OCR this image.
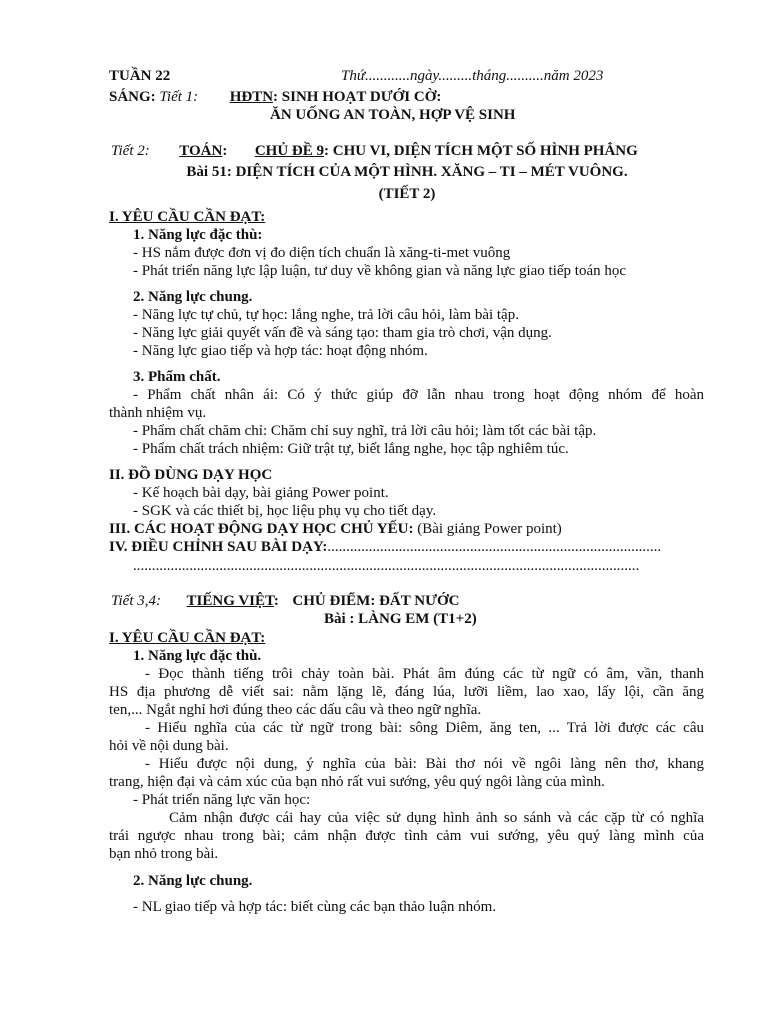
TUẦN 22	Thứ............ngày.........tháng..........năm 2023
SÁNG: Tiết 1: HĐTN: SINH HOẠT DƯỚI CỜ:
ĂN UỐNG AN TOÀN, HỢP VỆ SINH
Tiết 2: TOÁN: CHỦ ĐỀ 9: CHU VI, DIỆN TÍCH MỘT SỐ HÌNH PHẲNG
Bài 51: DIỆN TÍCH CỦA MỘT HÌNH. XĂNG – TI – MÉT VUÔNG.
(TIẾT 2)
I. YÊU CẦU CẦN ĐẠT:
1. Năng lực đặc thù:
- HS nắm được đơn vị đo diện tích chuẩn là xăng-ti-met vuông
- Phát triển năng lực lập luận, tư duy về không gian và năng lực giao tiếp toán học
2. Năng lực chung.
- Năng lực tự chủ, tự học: lắng nghe, trả lời câu hỏi, làm bài tập.
- Năng lực giải quyết vấn đề và sáng tạo: tham gia trò chơi, vận dụng.
- Năng lực giao tiếp và hợp tác: hoạt động nhóm.
3. Phẩm chất.
- Phẩm chất nhân ái: Có ý thức giúp đỡ lẫn nhau trong hoạt động nhóm để hoàn
thành nhiệm vụ.
- Phẩm chất chăm chỉ: Chăm chỉ suy nghĩ, trả lời câu hỏi; làm tốt các bài tập.
- Phẩm chất trách nhiệm: Giữ trật tự, biết lắng nghe, học tập nghiêm túc.
II. ĐỒ DÙNG DẠY HỌC
- Kế hoạch bài dạy, bài giảng Power point.
- SGK và các thiết bị, học liệu phụ vụ cho tiết dạy.
III. CÁC HOẠT ĐỘNG DẠY HỌC CHỦ YẾU: (Bài giảng Power point)
IV. ĐIỀU CHỈNH SAU BÀI DẠY:.........................................................................................
.......................................................................................................................................
Tiết 3,4: TIẾNG VIỆT: CHỦ ĐIỂM: ĐẤT NƯỚC
Bài : LÀNG EM (T1+2)
I. YÊU CẦU CẦN ĐẠT:
1. Năng lực đặc thù.
- Đọc thành tiếng trôi chảy toàn bài. Phát âm đúng các từ ngữ có âm, vần, thanh
HS địa phương dễ viết sai: nằm lặng lẽ, đáng lúa, lưỡi liềm, lao xao, lấy lội, cần ăng
ten,... Ngắt nghỉ hơi đúng theo các dấu câu và theo ngữ nghĩa.
- Hiểu nghĩa của các từ ngữ trong bài: sông Diêm, ăng ten, ... Trả lời được các câu
hỏi về nội dung bài.
- Hiểu được nội dung, ý nghĩa của bài: Bài thơ nói về ngôi làng nên thơ, khang
trang, hiện đại và cảm xúc của bạn nhỏ rất vui sướng, yêu quý ngôi làng của mình.
- Phát triển năng lực văn học:
Cảm nhận được cái hay của việc sử dụng hình ảnh so sánh và các cặp từ có nghĩa
trái ngược nhau trong bài; cảm nhận được tình cảm vui sướng, yêu quý làng mình của
bạn nhỏ trong bài.
2. Năng lực chung.
- NL giao tiếp và hợp tác: biết cùng các bạn thảo luận nhóm.
